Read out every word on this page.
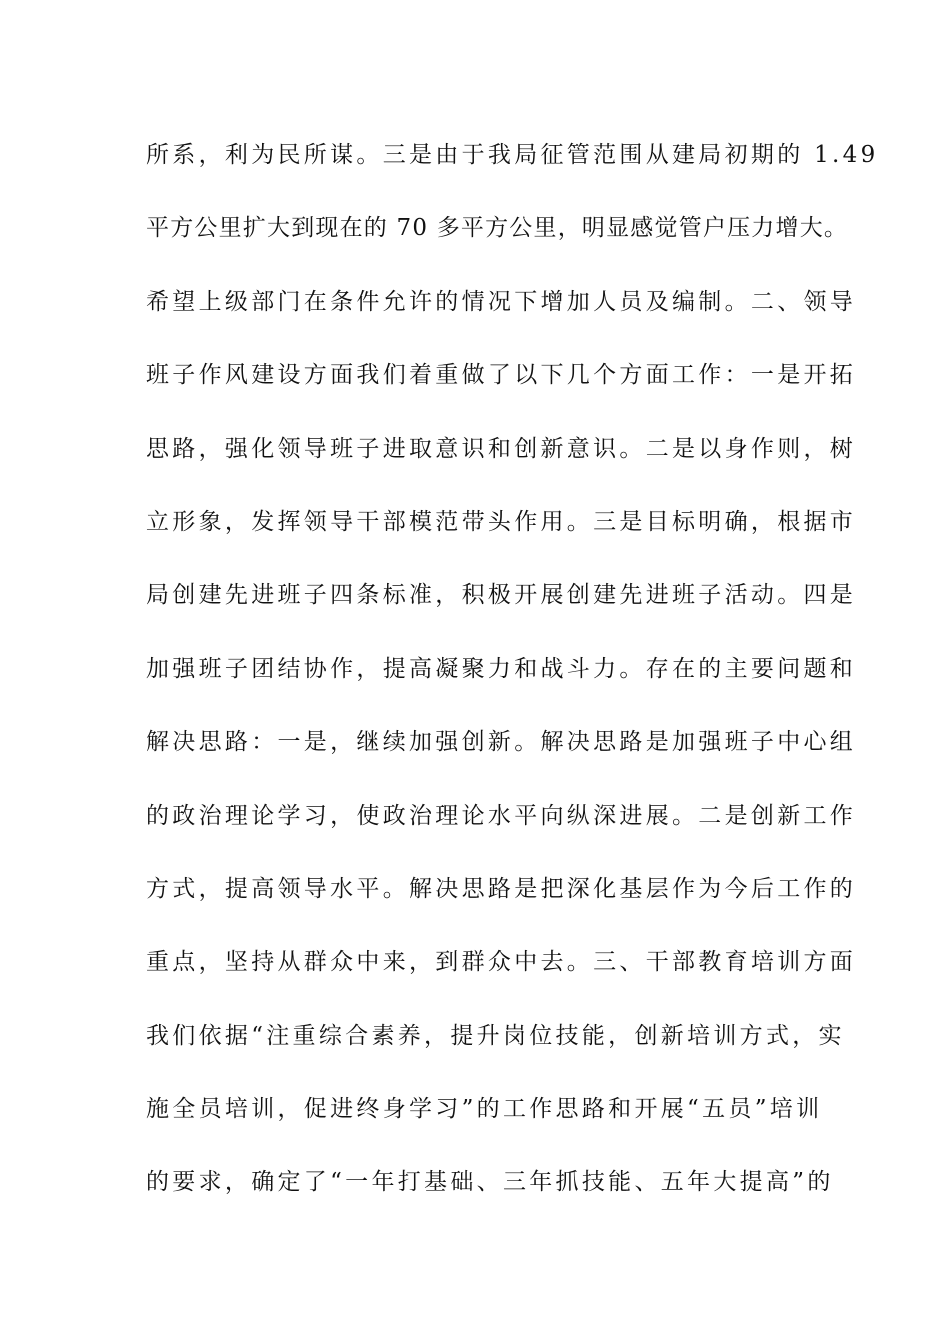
所系，利为民所谋。三是由于我局征管范围从建局初期的 1.49
平方公里扩大到现在的 70 多平方公里，明显感觉管户压力增大。
希望上级部门在条件允许的情况下增加人员及编制。二、领导
班子作风建设方面我们着重做了以下几个方面工作：一是开拓
思路，强化领导班子进取意识和创新意识。二是以身作则，树
立形象，发挥领导干部模范带头作用。三是目标明确，根据市
局创建先进班子四条标准，积极开展创建先进班子活动。四是
加强班子团结协作，提高凝聚力和战斗力。存在的主要问题和
解决思路：一是，继续加强创新。解决思路是加强班子中心组
的政治理论学习，使政治理论水平向纵深进展。二是创新工作
方式，提高领导水平。解决思路是把深化基层作为今后工作的
重点，坚持从群众中来，到群众中去。三、干部教育培训方面
我们依据“注重综合素养，提升岗位技能，创新培训方式，实
施全员培训，促进终身学习”的工作思路和开展“五员”培训
的要求，确定了“一年打基础、三年抓技能、五年大提高”的
